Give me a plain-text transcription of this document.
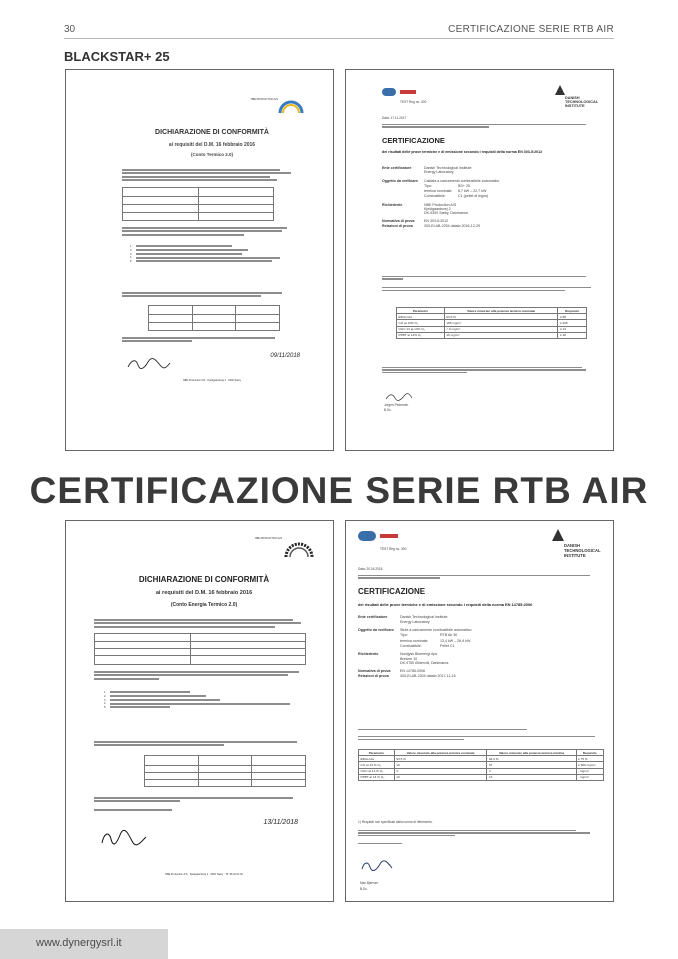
30	CERTIFICAZIONE SERIE RTB AIR
BLACKSTAR+ 25
NBE PRODUCTION A/S
DICHIARAZIONE DI CONFORMITÀ
ai requisiti del D.M. 16 febbraio 2016
(Conto Termico 2.0)
1.
2.
3.
4.
5.
09/11/2018
NBE Production A/S · Kjeldgaardsvej 2 · 9300 Sæby
TEST Reg no. 300
DANISH TECHNOLOGICAL INSTITUTE
Data: 17.11.2017
CERTIFICAZIONE
dei risultati delle prove termiche e di emissione secondo i requisiti della norma EN 303-5:2012
Ente certificatore	Danish Technological Institute
Energy Laboratory
Oggetto da verificare	Caldaia a caricamento combustibile automatico
Tipo:	BS+ 25
termica nominale:	6,7 kW – 22,7 kW
Combustibile:	C1 (pellet di legno)
Richiedente	NBE Production A/S
Kjeldgaardsvej 2
DK-9300 Sæby, Danimarca
Normativa di prova	EN 303-5:2012
Relazioni di prova	300-ELAB-2254 datato 2016-12-29
Parametro	Valore misurato alla potenza termica nominale	Requisito
Efficienza	93,0 %	≥ 88
CO at 13% O₂	185 mg/m³	≤ 265
OGC 13 at 13% O₂	< 6 mg/m³	≤ 13
PPBT at 13% O₂	16 mg/m³	≤ 18
Jorgen Pedersen
B.Sc.
CERTIFICAZIONE SERIE RTB AIR
NBE PRODUCTION A/S
DICHIARAZIONE DI CONFORMITÀ
ai requisiti del D.M. 16 febbraio 2016
(Conto Energia Termico 2.0)
1.
2.
3.
4.
5.
13/11/2018
NBE Production A/S · Kjeldgaardsvej 2 · 9300 Sæby · Tlf. 98 20 92 30
TEST Reg no. 300
DANISH TECHNOLOGICAL INSTITUTE
Data: 20.04.2018
CERTIFICAZIONE
dei risultati delle prove termiche e di emissione secondo i requisiti della norma EN 14785:2006
Ente certificatore	Danish Technological Institute
Energy Laboratory
Oggetto da verificare	Stufa a caricamento combustibile automatico
Tipo:	RTB Air 30
termica nominale:	13,4 kW – 26,9 kW
Combustibile:	Pellet C1
Richiedente	Nordjysk Bioenergi Aps
Brinken 10
DK-9750 Østervrå, Danimarca
Normativa di prova	EN 14785:2006
Relazioni di prova	300-ELAB-2304 datato 2017-11-16
Parametro	Valore misurato alla potenza termica nominale	Valore misurato alla potenza termica minima	Requisito
Efficienza	93,5 %	94,9 %	≥ 75 %
CO at 13 % O₂	19	67	≤ 500 mg/m³
OGC at 13 % O₂	3	3	- mg/m³
PPBT at 13 % O₂	12	13	- mg/m³
1) Requisiti non specificati dalla norma di riferimento.
Max Bjerrum
B.Sc.
www.dynergysrl.it
